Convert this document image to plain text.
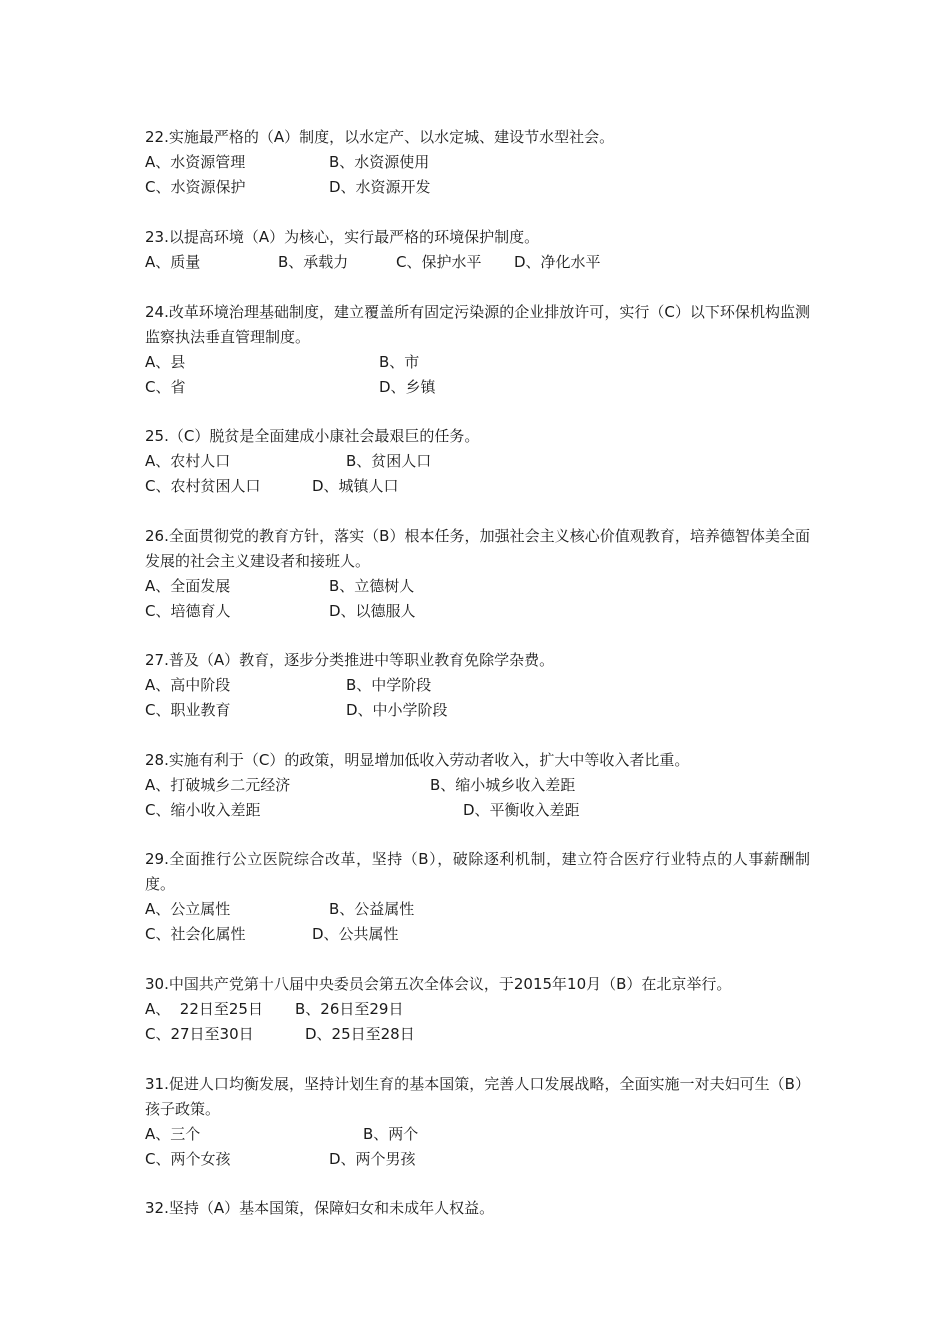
22.实施最严格的（A）制度，以水定产、以水定城、建设节水型社会。
A、水资源管理	B、水资源使用
C、水资源保护	D、水资源开发
23.以提高环境（A）为核心，实行最严格的环境保护制度。
A、质量	B、承载力	C、保护水平 D、净化水平
24.改革环境治理基础制度，建立覆盖所有固定污染源的企业排放许可，实行（C）以下环保机构监测监察执法垂直管理制度。
A、县	B、市
C、省	D、乡镇
25.（C）脱贫是全面建成小康社会最艰巨的任务。
A、农村人口	B、贫困人口
C、农村贫困人口	D、城镇人口
26.全面贯彻党的教育方针，落实（B）根本任务，加强社会主义核心价值观教育，培养德智体美全面发展的社会主义建设者和接班人。
A、全面发展	B、立德树人
C、培德育人	D、以德服人
27.普及（A）教育，逐步分类推进中等职业教育免除学杂费。
A、高中阶段	B、中学阶段
C、职业教育	D、中小学阶段
28.实施有利于（C）的政策，明显增加低收入劳动者收入，扩大中等收入者比重。
A、打破城乡二元经济	B、缩小城乡收入差距
C、缩小收入差距	D、平衡收入差距
29.全面推行公立医院综合改革，坚持（B），破除逐利机制，建立符合医疗行业特点的人事薪酬制度。
A、公立属性	B、公益属性
C、社会化属性	D、公共属性
30.中国共产党第十八届中央委员会第五次全体会议，于2015年10月（B）在北京举行。
A、  22日至25日 B、26日至29日
C、27日至30日	D、25日至28日
31.促进人口均衡发展，坚持计划生育的基本国策，完善人口发展战略，全面实施一对夫妇可生（B）孩子政策。
A、三个	B、两个
C、两个女孩	D、两个男孩
32.坚持（A）基本国策，保障妇女和未成年人权益。
